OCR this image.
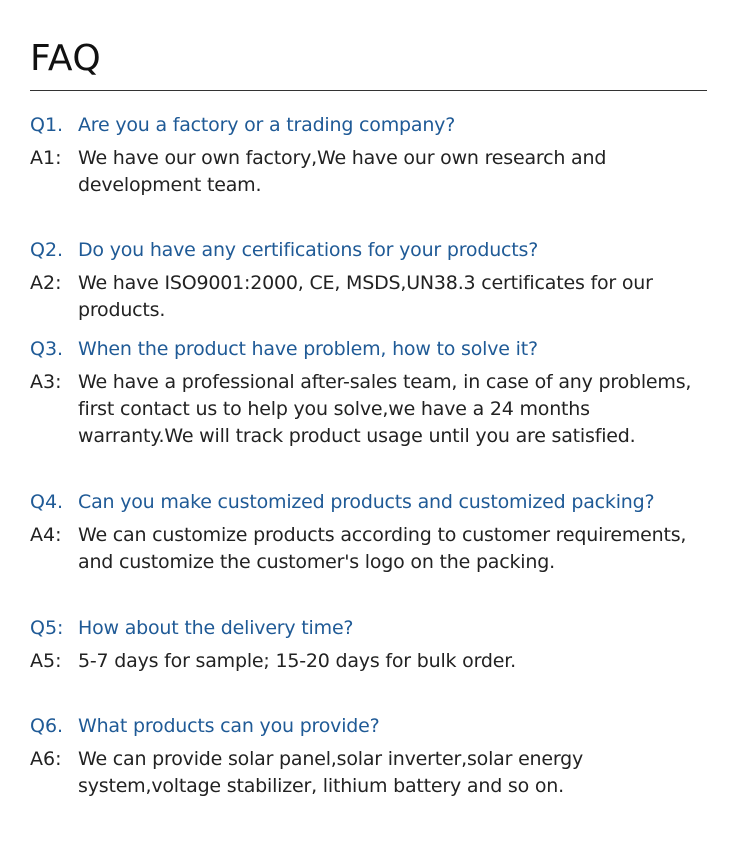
FAQ
Q1. Are you a factory or a trading company?
A1: We have our own factory,We have our own research and development team.
Q2. Do you have any certifications for your products?
A2: We have ISO9001:2000, CE, MSDS,UN38.3 certificates for our products.
Q3. When the product have problem, how to solve it?
A3: We have a professional after-sales team, in case of any problems, first contact us to help you solve,we have a 24 months warranty.We will track product usage until you are satisfied.
Q4. Can you make customized products and customized packing?
A4: We can customize products according to customer requirements, and customize the customer's logo on the packing.
Q5: How about the delivery time?
A5: 5-7 days for sample; 15-20 days for bulk order.
Q6. What products can you provide?
A6: We can provide solar panel,solar inverter,solar energy system,voltage stabilizer, lithium battery and so on.
